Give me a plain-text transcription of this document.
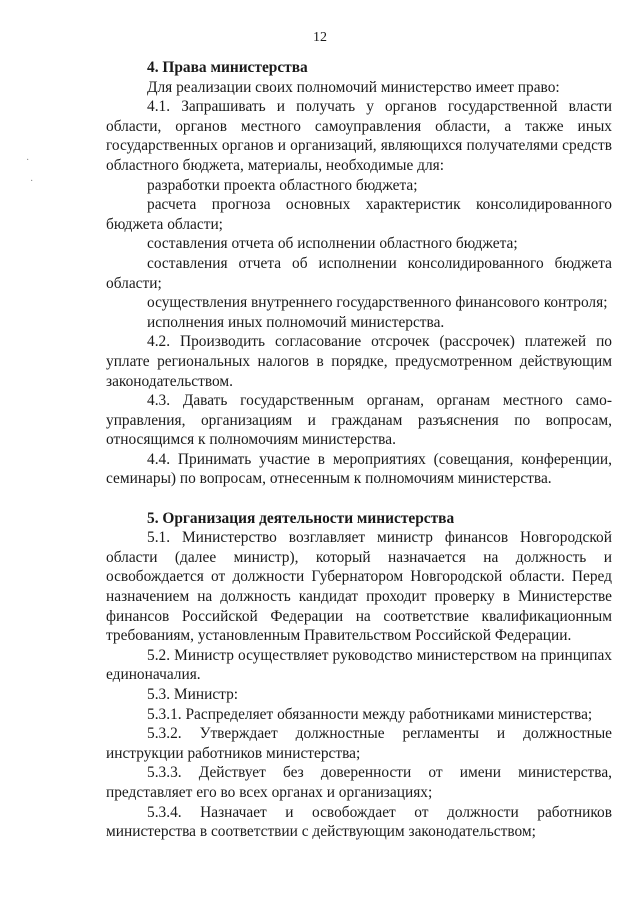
12
·
·
4. Права министерства

Для реализации своих полномочий министерство имеет право:

4.1. Запрашивать и получать у органов государственной власти области, органов местного самоуправления области, а также иных государственных органов и организаций, являющихся получателями средств областного бюджета, материалы, необходимые для:

разработки проекта областного бюджета;

расчета прогноза основных характеристик консолидированного бюджета области;

составления отчета об исполнении областного бюджета;

составления отчета об исполнении консолидированного бюджета области;

осуществления внутреннего государственного финансового контроля;

исполнения иных полномочий министерства.

4.2. Производить согласование отсрочек (рассрочек) платежей по уплате региональных налогов в порядке, предусмотренном действующим законодательством.

4.3. Давать государственным органам, органам местного само-управления, организациям и гражданам разъяснения по вопросам, относящимся к полномочиям министерства.

4.4. Принимать участие в мероприятиях (совещания, конференции, семинары) по вопросам, отнесенным к полномочиям министерства.

5. Организация деятельности министерства

5.1. Министерство возглавляет министр финансов Новгородской области (далее министр), который назначается на должность и освобождается от должности Губернатором Новгородской области. Перед назначением на должность кандидат проходит проверку в Министерстве финансов Российской Федерации на соответствие квалификационным требованиям, установленным Правительством Российской Федерации.

5.2. Министр осуществляет руководство министерством на принципах единоначалия.

5.3. Министр:

5.3.1. Распределяет обязанности между работниками министерства;

5.3.2. Утверждает должностные регламенты и должностные инструкции работников министерства;

5.3.3. Действует без доверенности от имени министерства, представляет его во всех органах и организациях;

5.3.4. Назначает и освобождает от должности работников министерства в соответствии с действующим законодательством;
